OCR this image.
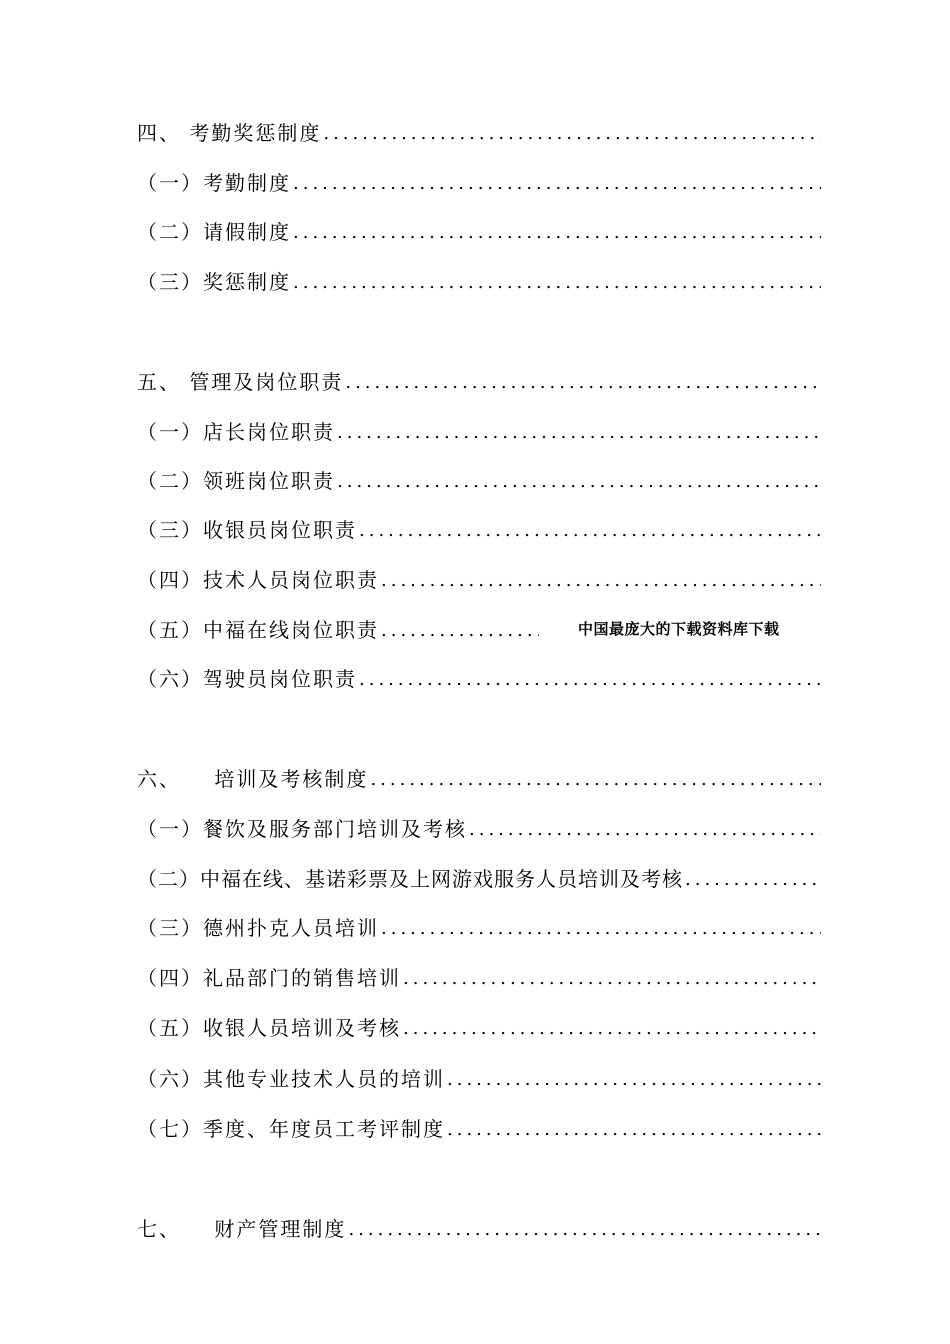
四、 考勤奖惩制度
.....
（一）考勤制度
.....
（二）请假制度
.....
（三）奖惩制度
.....
五、 管理及岗位职责
.....
（一）店长岗位职责
.....
（二）领班岗位职责
.....
（三）收银员岗位职责
.....
（四）技术人员岗位职责
.....
（五）中福在线岗位职责
.....
（六）驾驶员岗位职责
.....
六、    培训及考核制度
.....
（一）餐饮及服务部门培训及考核
.....
（二）中福在线、基诺彩票及上网游戏服务人员培训及考核
.....
（三）德州扑克人员培训
.....
（四）礼品部门的销售培训
.....
（五）收银人员培训及考核
.....
（六）其他专业技术人员的培训
.....
（七）季度、年度员工考评制度
.....
七、    财产管理制度
.....
中国最庞大的下载资料库下载
